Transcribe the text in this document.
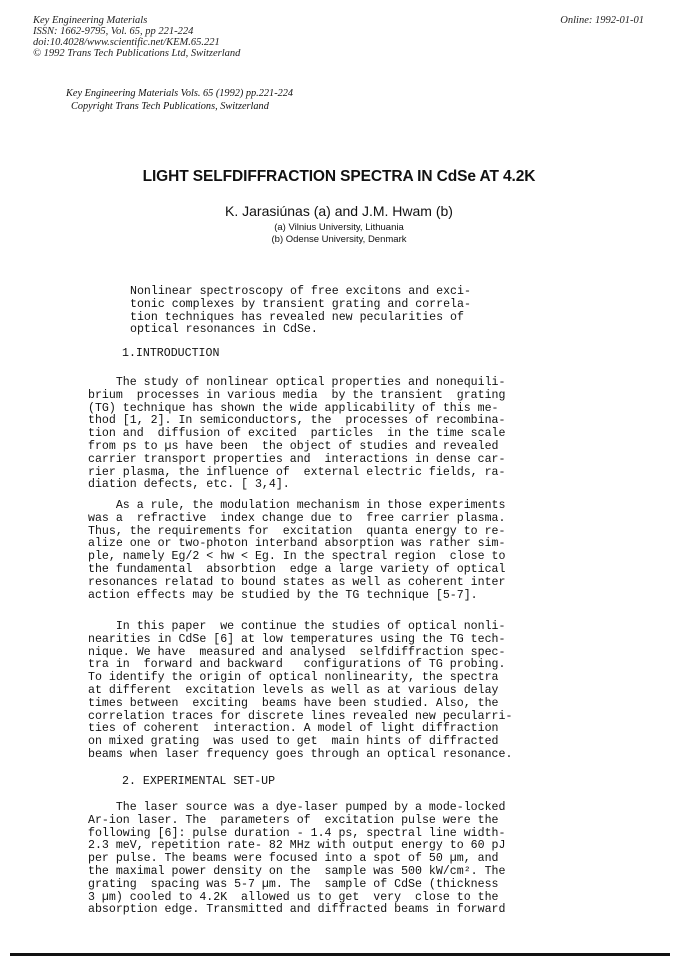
Key Engineering Materials
ISSN: 1662-9795, Vol. 65, pp 221-224
doi:10.4028/www.scientific.net/KEM.65.221
© 1992 Trans Tech Publications Ltd, Switzerland
Online: 1992-01-01
Key Engineering Materials Vols. 65 (1992) pp.221-224
Copyright Trans Tech Publications, Switzerland
LIGHT SELFDIFFRACTION SPECTRA IN CdSe AT 4.2K
K. Jarasiúnas (a) and J.M. Hwam (b)
(a) Vilnius University, Lithuania
(b) Odense University, Denmark
Nonlinear spectroscopy of free excitons and exci-
tonic complexes by transient grating and correla-
tion techniques has revealed new pecularities of
optical resonances in CdSe.
1.INTRODUCTION
The study of nonlinear optical properties and nonequili-
brium  processes in various media  by the transient  grating
(TG) technique has shown the wide applicability of this me-
thod [1, 2]. In semiconductors, the  processes of recombina-
tion and  diffusion of excited  particles  in the time scale
from ps to µs have been  the object of studies and revealed
carrier transport properties and  interactions in dense car-
rier plasma, the influence of  external electric fields, ra-
diation defects, etc. [ 3,4].
As a rule, the modulation mechanism in those experiments
was a  refractive  index change due to  free carrier plasma.
Thus, the requirements for  excitation  quanta energy to re-
alize one or two-photon interband absorption was rather sim-
ple, namely Eg/2 < hw < Eg. In the spectral region  close to
the fundamental  absorbtion  edge a large variety of optical
resonances relatad to bound states as well as coherent inter
action effects may be studied by the TG technique [5-7].
In this paper  we continue the studies of optical nonli-
nearities in CdSe [6] at low temperatures using the TG tech-
nique. We have  measured and analysed  selfdiffraction spec-
tra in  forward and backward   configurations of TG probing.
To identify the origin of optical nonlinearity, the spectra
at different  excitation levels as well as at various delay
times between  exciting  beams have been studied. Also, the
correlation traces for discrete lines revealed new pecularri-
ties of coherent  interaction. A model of light diffraction
on mixed grating  was used to get  main hints of diffracted
beams when laser frequency goes through an optical resonance.
2. EXPERIMENTAL SET-UP
The laser source was a dye-laser pumped by a mode-locked
Ar-ion laser. The  parameters of  excitation pulse were the
following [6]: pulse duration - 1.4 ps, spectral line width-
2.3 meV, repetition rate- 82 MHz with output energy to 60 pJ
per pulse. The beams were focused into a spot of 50 µm, and
the maximal power density on the  sample was 500 kW/cm². The
grating  spacing was 5-7 µm. The  sample of CdSe (thickness
3 µm) cooled to 4.2K  allowed us to get  very  close to the
absorption edge. Transmitted and diffracted beams in forward
